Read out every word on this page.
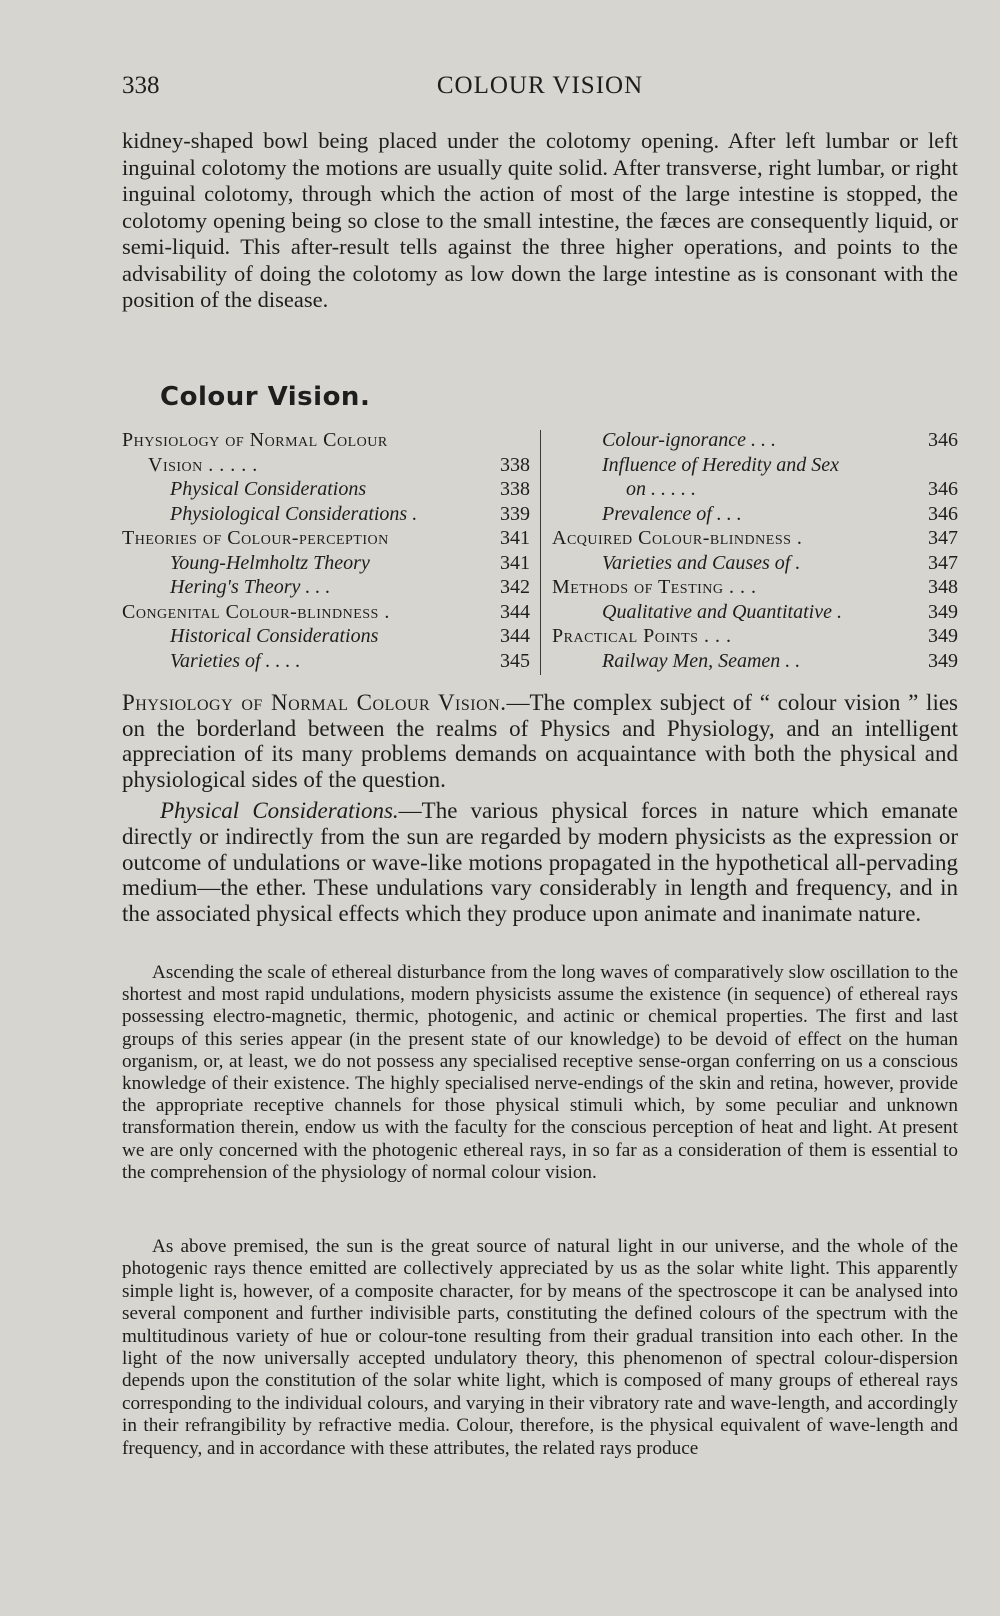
338	COLOUR VISION

kidney-shaped bowl being placed under the colotomy opening. After left lumbar or left inguinal colotomy the motions are usually quite solid. After transverse, right lumbar, or right inguinal colotomy, through which the action of most of the large intestine is stopped, the colotomy opening being so close to the small intestine, the fæces are consequently liquid, or semi-liquid. This after-result tells against the three higher operations, and points to the advisability of doing the colotomy as low down the large intestine as is consonant with the position of the disease.

Colour Vision.
Physiology of Normal Colour
Vision . . . . .	338
Physical Considerations	338
Physiological Considerations .	339
Theories of Colour-perception	341
Young-Helmholtz Theory	341
Hering's Theory . . .	342
Congenital Colour-blindness .	344
Historical Considerations	344
Varieties of . . . .	345
Colour-ignorance . . .	346
Influence of Heredity and Sex
on . . . . .	346
Prevalence of . . .	346
Acquired Colour-blindness .	347
Varieties and Causes of .	347
Methods of Testing . . .	348
Qualitative and Quantitative .	349
Practical Points . . .	349
Railway Men, Seamen . .	349

Physiology of Normal Colour Vision.—The complex subject of “ colour vision ” lies on the borderland between the realms of Physics and Physiology, and an intelligent appreciation of its many problems demands on acquaintance with both the physical and physiological sides of the question.

Physical Considerations.—The various physical forces in nature which emanate directly or indirectly from the sun are regarded by modern physicists as the expression or outcome of undulations or wave-like motions propagated in the hypothetical all-pervading medium—the ether. These undulations vary considerably in length and frequency, and in the associated physical effects which they produce upon animate and inanimate nature.

Ascending the scale of ethereal disturbance from the long waves of comparatively slow oscillation to the shortest and most rapid undulations, modern physicists assume the existence (in sequence) of ethereal rays possessing electro-magnetic, thermic, photogenic, and actinic or chemical properties. The first and last groups of this series appear (in the present state of our knowledge) to be devoid of effect on the human organism, or, at least, we do not possess any specialised receptive sense-organ conferring on us a conscious knowledge of their existence. The highly specialised nerve-endings of the skin and retina, however, provide the appropriate receptive channels for those physical stimuli which, by some peculiar and unknown transformation therein, endow us with the faculty for the conscious perception of heat and light. At present we are only concerned with the photogenic ethereal rays, in so far as a consideration of them is essential to the comprehension of the physiology of normal colour vision.

As above premised, the sun is the great source of natural light in our universe, and the whole of the photogenic rays thence emitted are collectively appreciated by us as the solar white light. This apparently simple light is, however, of a composite character, for by means of the spectroscope it can be analysed into several component and further indivisible parts, constituting the defined colours of the spectrum with the multitudinous variety of hue or colour-tone resulting from their gradual transition into each other. In the light of the now universally accepted undulatory theory, this phenomenon of spectral colour-dispersion depends upon the constitution of the solar white light, which is composed of many groups of ethereal rays corresponding to the individual colours, and varying in their vibratory rate and wave-length, and accordingly in their refrangibility by refractive media. Colour, therefore, is the physical equivalent of wave-length and frequency, and in accordance with these attributes, the related rays produce
